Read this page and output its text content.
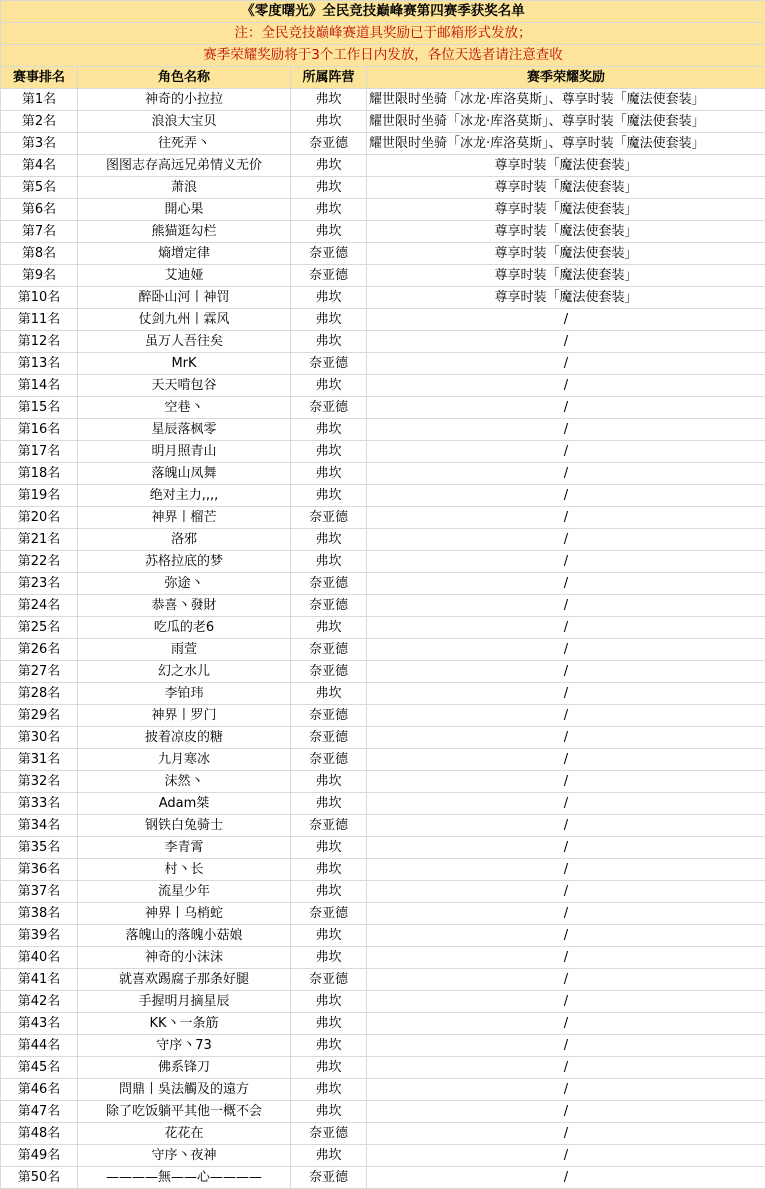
《零度曙光》全民竞技巅峰赛第四赛季获奖名单			
注：全民竞技巅峰赛道具奖励已于邮箱形式发放；			
赛季荣耀奖励将于3个工作日内发放，各位天选者请注意查收			
赛事排名	角色名称	所属阵营	赛季荣耀奖励
第1名	神奇的小拉拉	弗坎	耀世限时坐骑「冰龙·库洛莫斯」、尊享时装「魔法使套装」
第2名	浪浪大宝贝	弗坎	耀世限时坐骑「冰龙·库洛莫斯」、尊享时装「魔法使套装」
第3名	往死弄丶	奈亚德	耀世限时坐骑「冰龙·库洛莫斯」、尊享时装「魔法使套装」
第4名	图图志存高远兄弟情义无价	弗坎	尊享时装「魔法使套装」
第5名	萧浪	弗坎	尊享时装「魔法使套装」
第6名	開心果	弗坎	尊享时装「魔法使套装」
第7名	熊猫逛勾栏	弗坎	尊享时装「魔法使套装」
第8名	熵增定律	奈亚德	尊享时装「魔法使套装」
第9名	艾迪娅	奈亚德	尊享时装「魔法使套装」
第10名	醉卧山河丨神罚	弗坎	尊享时装「魔法使套装」
第11名	仗剑九州丨霖风	弗坎	/
第12名	虽万人吾往矣	弗坎	/
第13名	MrK	奈亚德	/
第14名	天天啃包谷	弗坎	/
第15名	空巷丶	奈亚德	/
第16名	星辰落枫零	弗坎	/
第17名	明月照青山	弗坎	/
第18名	落魄山凤舞	弗坎	/
第19名	绝对主力,,,,	弗坎	/
第20名	神界丨榴芒	奈亚德	/
第21名	洛邪	弗坎	/
第22名	苏格拉底的梦	弗坎	/
第23名	弥途丶	奈亚德	/
第24名	恭喜丶發財	奈亚德	/
第25名	吃瓜的老6	弗坎	/
第26名	雨萱	奈亚德	/
第27名	幻之水儿	奈亚德	/
第28名	李铂玮	弗坎	/
第29名	神界丨罗门	奈亚德	/
第30名	披着凉皮的糖	奈亚德	/
第31名	九月寒冰	奈亚德	/
第32名	沫然丶	弗坎	/
第33名	Adam桀	弗坎	/
第34名	钢铁白兔骑士	奈亚德	/
第35名	李青霄	弗坎	/
第36名	村丶长	弗坎	/
第37名	流星少年	弗坎	/
第38名	神界丨乌梢蛇	奈亚德	/
第39名	落魄山的落魄小菇娘	弗坎	/
第40名	神奇的小沫沫	弗坎	/
第41名	就喜欢踢腐子那条好腿	奈亚德	/
第42名	手握明月摘星辰	弗坎	/
第43名	KK丶一条筋	弗坎	/
第44名	守序丶73	弗坎	/
第45名	佛系锋刀	弗坎	/
第46名	問鼎丨吳法觸及的遠方	弗坎	/
第47名	除了吃饭躺平其他一概不会	弗坎	/
第48名	花花在	奈亚德	/
第49名	守序丶夜神	弗坎	/
第50名	————無——心————	奈亚德	/
